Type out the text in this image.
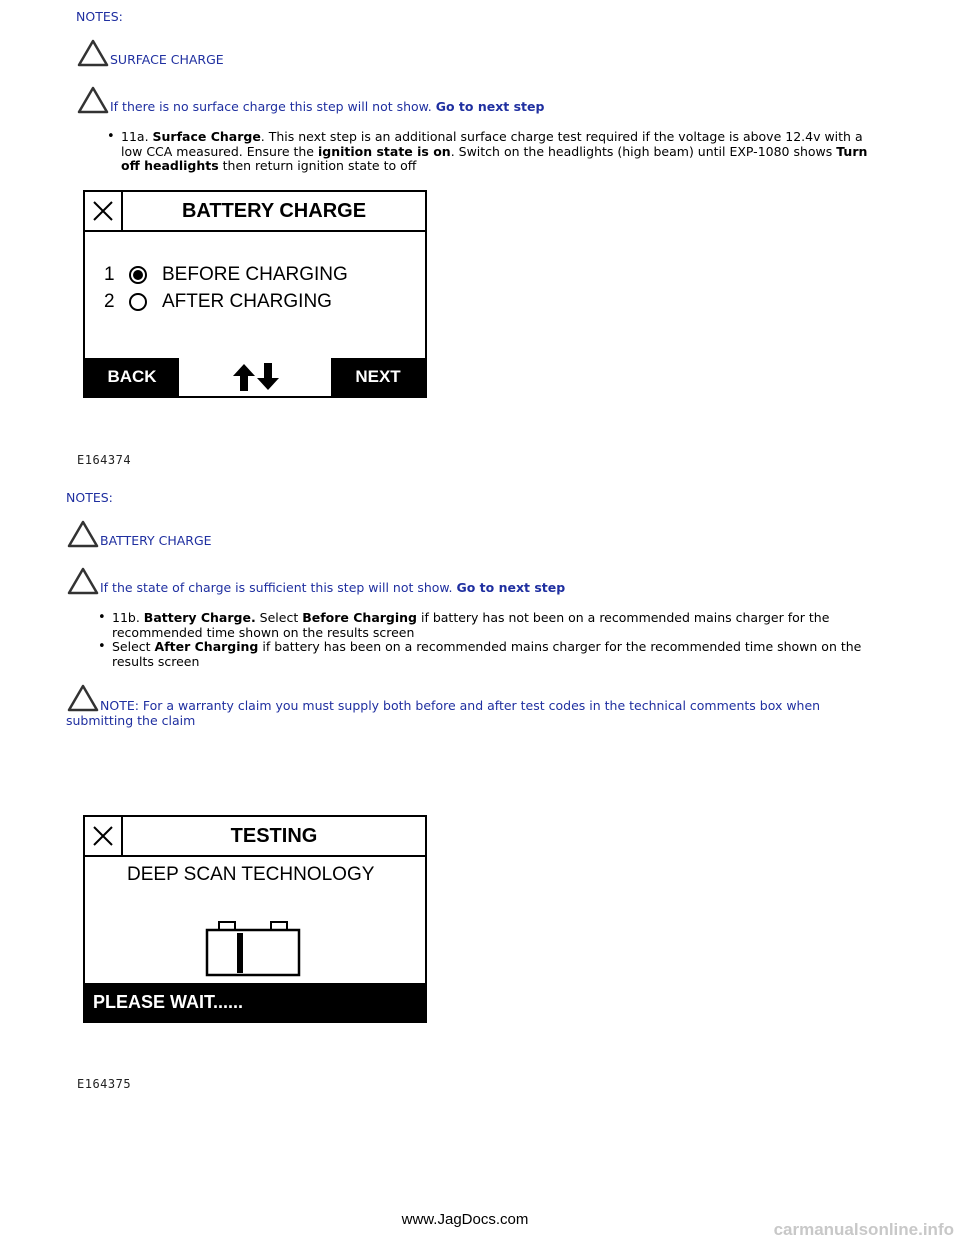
NOTES:
SURFACE CHARGE
If there is no surface charge this step will not show. Go to next step
• 11a. Surface Charge. This next step is an additional surface charge test required if the voltage is above 12.4v with a low CCA measured. Ensure the ignition state is on. Switch on the headlights (high beam) until EXP-1080 shows Turn off headlights then return ignition state to off
BATTERY CHARGE
1 BEFORE CHARGING
2 AFTER CHARGING
BACK	NEXT
E164374
NOTES:
BATTERY CHARGE
If the state of charge is sufficient this step will not show. Go to next step
• 11b. Battery Charge. Select Before Charging if battery has not been on a recommended mains charger for the recommended time shown on the results screen
• Select After Charging if battery has been on a recommended mains charger for the recommended time shown on the results screen
NOTE: For a warranty claim you must supply both before and after test codes in the technical comments box when submitting the claim
TESTING
DEEP SCAN TECHNOLOGY
PLEASE WAIT......
E164375
www.JagDocs.com
carmanualsonline.info
